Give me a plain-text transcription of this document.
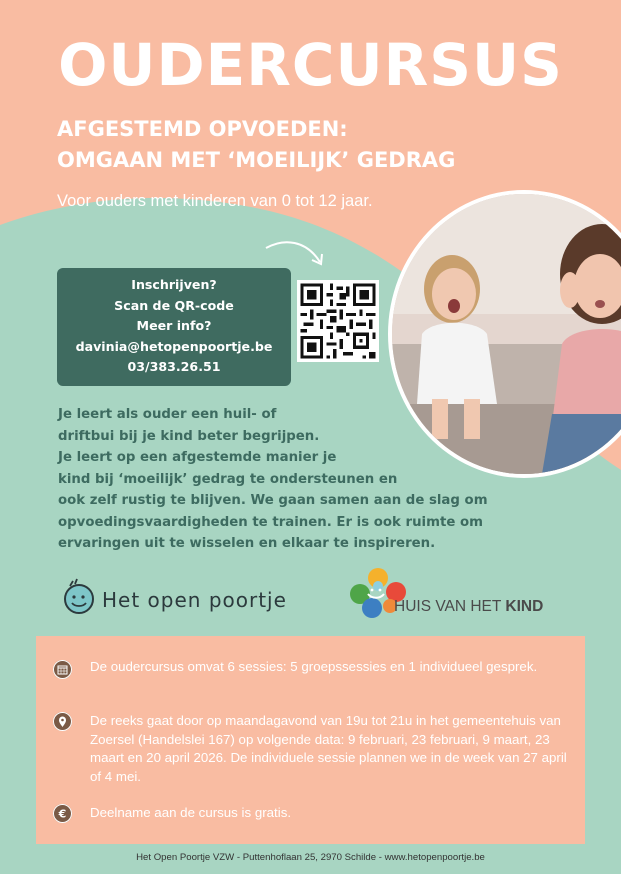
OUDERCURSUS
AFGESTEMD OPVOEDEN:
OMGAAN MET ‘MOEILIJK’ GEDRAG
Voor ouders met kinderen van 0 tot 12 jaar.
Inschrijven?
Scan de QR-code
Meer info?
davinia@hetopenpoortje.be
03/383.26.51
Je leert als ouder een huil- of
driftbui bij je kind beter begrijpen.
Je leert op een afgestemde manier je
kind bij ‘moeilijk’ gedrag te ondersteunen en
ook zelf rustig te blijven. We gaan samen aan de slag om
opvoedingsvaardigheden te trainen. Er is ook ruimte om
ervaringen uit te wisselen en elkaar te inspireren.
Het open poortje	HUIS VAN HET KIND
De oudercursus omvat 6 sessies: 5 groepssessies en 1 individueel gesprek.
De reeks gaat door op maandagavond van 19u tot 21u in het gemeentehuis van Zoersel (Handelslei 167) op volgende data: 9 februari, 23 februari, 9 maart, 23 maart en 20 april 2026. De individuele sessie plannen we in de week van 27 april of 4 mei.
€ Deelname aan de cursus is gratis.
Het Open Poortje VZW - Puttenhoflaan 25, 2970 Schilde - www.hetopenpoortje.be
